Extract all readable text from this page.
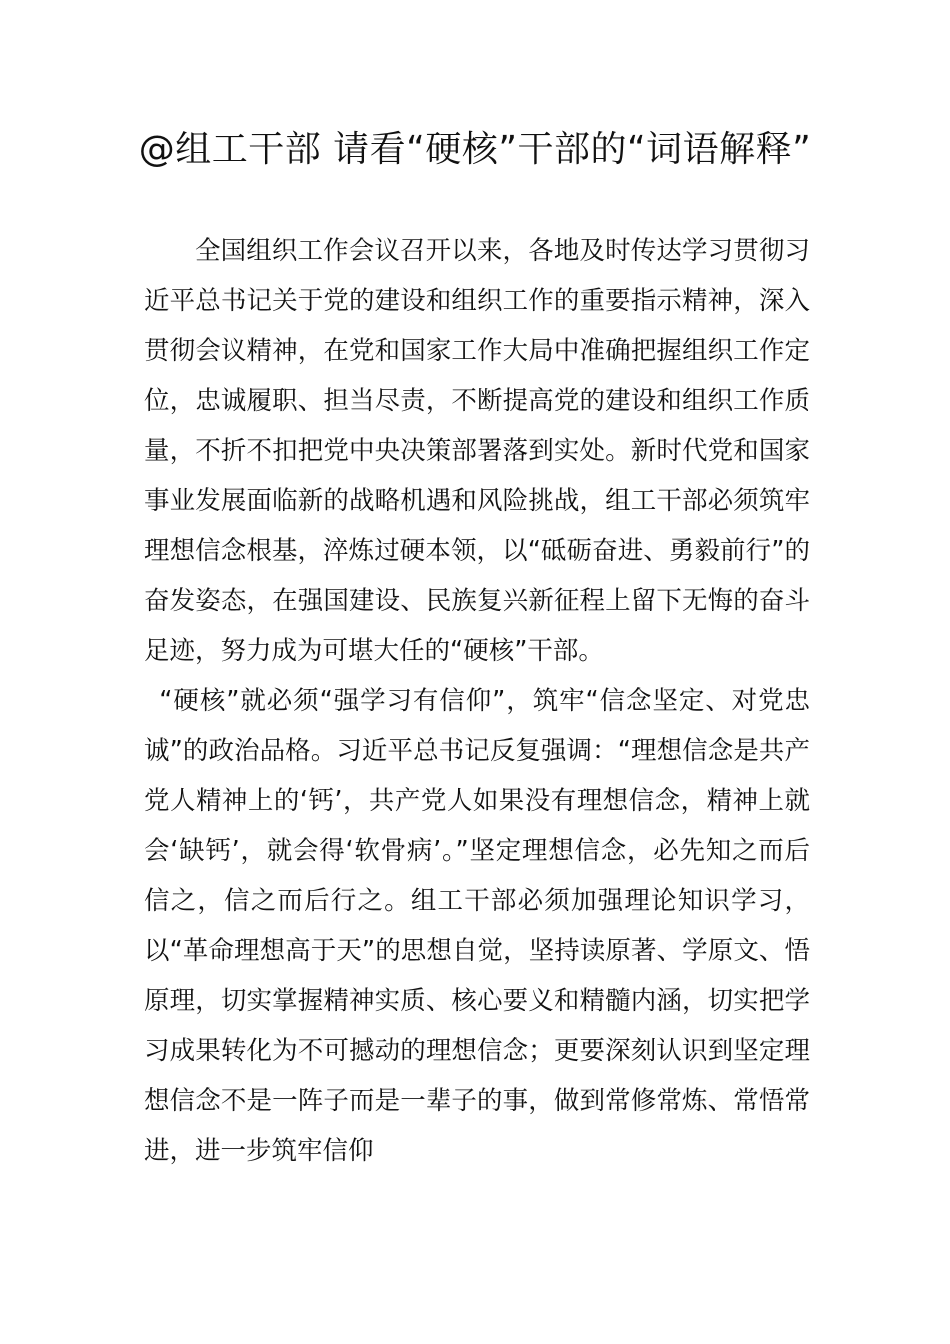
@组工干部 请看“硬核”干部的“词语解释”

全国组织工作会议召开以来，各地及时传达学习贯彻习近平总书记关于党的建设和组织工作的重要指示精神，深入贯彻会议精神，在党和国家工作大局中准确把握组织工作定位，忠诚履职、担当尽责，不断提高党的建设和组织工作质量，不折不扣把党中央决策部署落到实处。新时代党和国家事业发展面临新的战略机遇和风险挑战，组工干部必须筑牢理想信念根基，淬炼过硬本领，以“砥砺奋进、勇毅前行”的奋发姿态，在强国建设、民族复兴新征程上留下无悔的奋斗足迹，努力成为可堪大任的“硬核”干部。

“硬核”就必须“强学习有信仰”，筑牢“信念坚定、对党忠诚”的政治品格。习近平总书记反复强调：“理想信念是共产党人精神上的‘钙’，共产党人如果没有理想信念，精神上就会‘缺钙’，就会得‘软骨病’。”坚定理想信念，必先知之而后信之，信之而后行之。组工干部必须加强理论知识学习，以“革命理想高于天”的思想自觉，坚持读原著、学原文、悟原理，切实掌握精神实质、核心要义和精髓内涵，切实把学习成果转化为不可撼动的理想信念；更要深刻认识到坚定理想信念不是一阵子而是一辈子的事，做到常修常炼、常悟常进，进一步筑牢信仰
